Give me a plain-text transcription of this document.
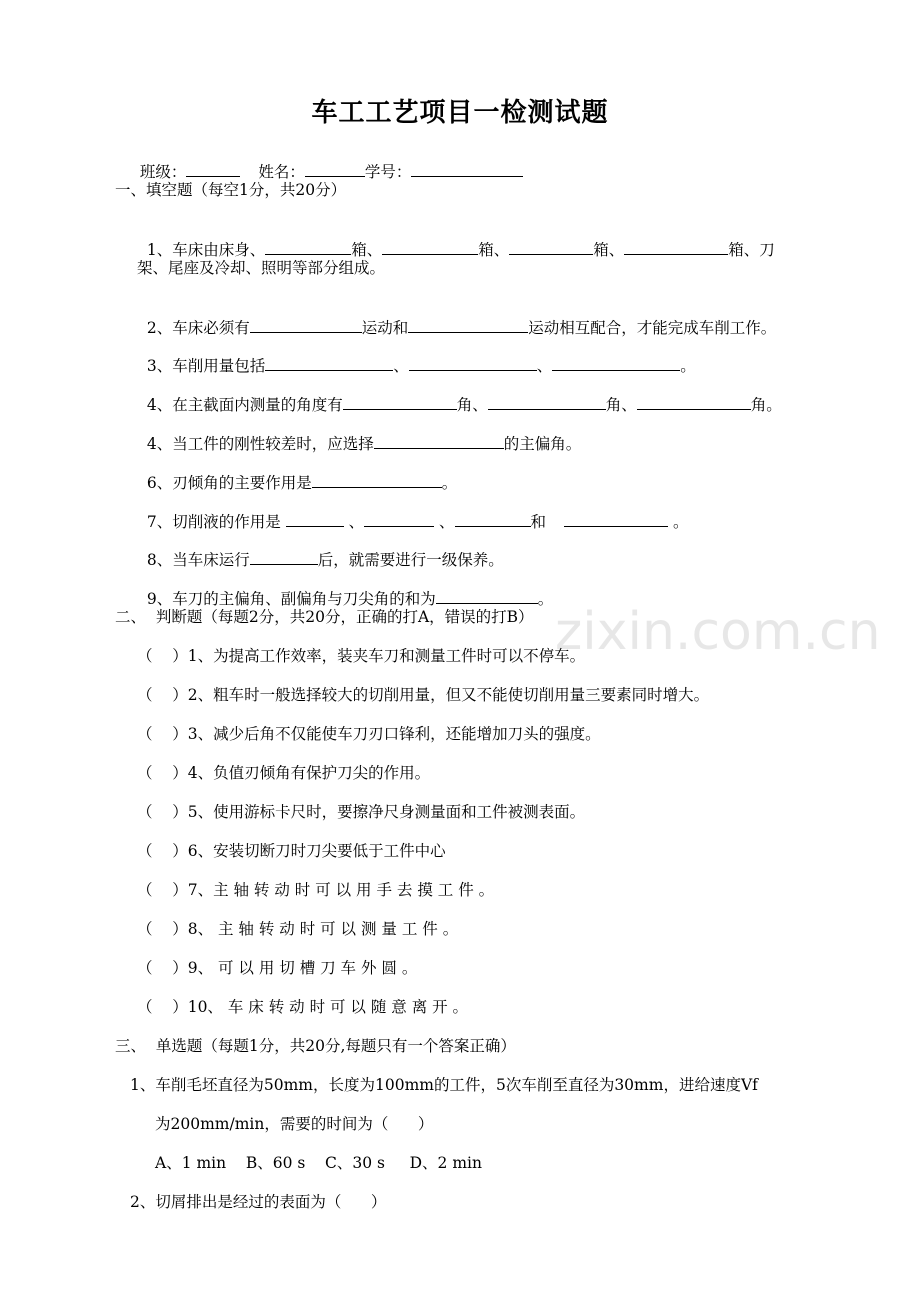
zixin.com.cn
车工工艺项目一检测试题

班级：	姓名：	学号：

一、填空题（每空1分，共20分）

1、车床由床身、	箱、	箱、	箱、	箱、刀

架、尾座及冷却、照明等部分组成。

2、车床必须有	运动和	运动相互配合，才能完成车削工作。

3、车削用量包括	、	、	。

4、在主截面内测量的角度有	角、	角、	角。

4、当工件的刚性较差时，应选择	的主偏角。

6、刃倾角的主要作用是	。

7、切削液的作用是	、	、	和	。

8、当车床运行	后，就需要进行一级保养。

9、车刀的主偏角、副偏角与刀尖角的和为	。

二、  判断题（每题2分，共20分，正确的打A，错误的打B）
（    ）1、为提高工作效率，装夹车刀和测量工件时可以不停车。
（    ）2、粗车时一般选择较大的切削用量，但又不能使切削用量三要素同时增大。
（    ）3、减少后角不仅能使车刀刃口锋利，还能增加刀头的强度。
（    ）4、负值刃倾角有保护刀尖的作用。
（    ）5、使用游标卡尺时，要擦净尺身测量面和工件被测表面。
（    ）6、安装切断刀时刀尖要低于工件中心
（    ）7、主 轴 转 动 时 可 以 用 手 去 摸 工 件 。
（    ）8、 主 轴 转 动 时 可 以 测 量 工 件 。
（    ）9、 可 以 用 切 槽 刀 车 外 圆 。
（    ）10、 车 床 转 动 时 可 以 随 意 离 开 。
三、  单选题（每题1分，共20分,每题只有一个答案正确）
1、车削毛坯直径为50mm，长度为100mm的工件，5次车削至直径为30mm，进给速度Vf
为200mm/min，需要的时间为（      ）
A、1 min    B、60 s    C、30 s     D、2 min
2、切屑排出是经过的表面为（      ）
